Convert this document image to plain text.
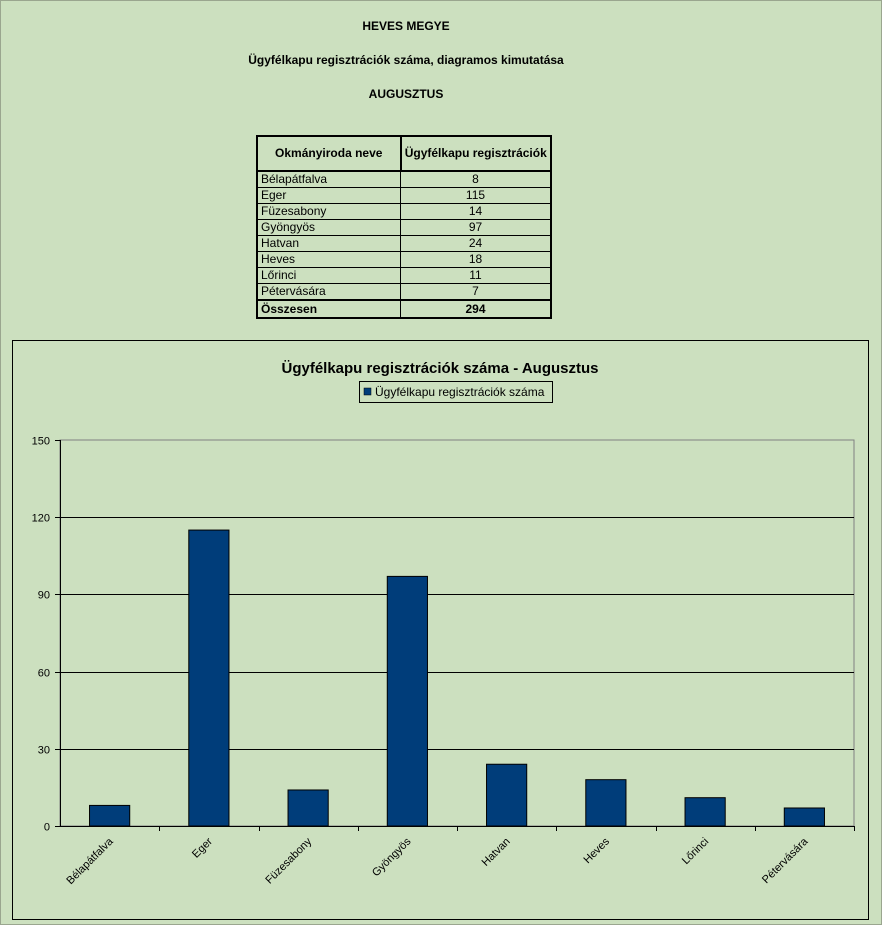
HEVES MEGYE
Ügyfélkapu regisztrációk száma, diagramos kimutatása
AUGUSZTUS
Okmányiroda neve	Ügyfélkapu regisztrációk
Bélapátfalva	8
Eger	115
Füzesabony	14
Gyöngyös	97
Hatvan	24
Heves	18
Lőrinci	11
Pétervására	7
Összesen	294
Ügyfélkapu regisztrációk száma - Augusztus
Ügyfélkapu regisztrációk száma
0
30
60
90
120
150
Bélapátfalva	Eger	Füzesabony	Gyöngyös	Hatvan	Heves	Lőrinci	Pétervására
